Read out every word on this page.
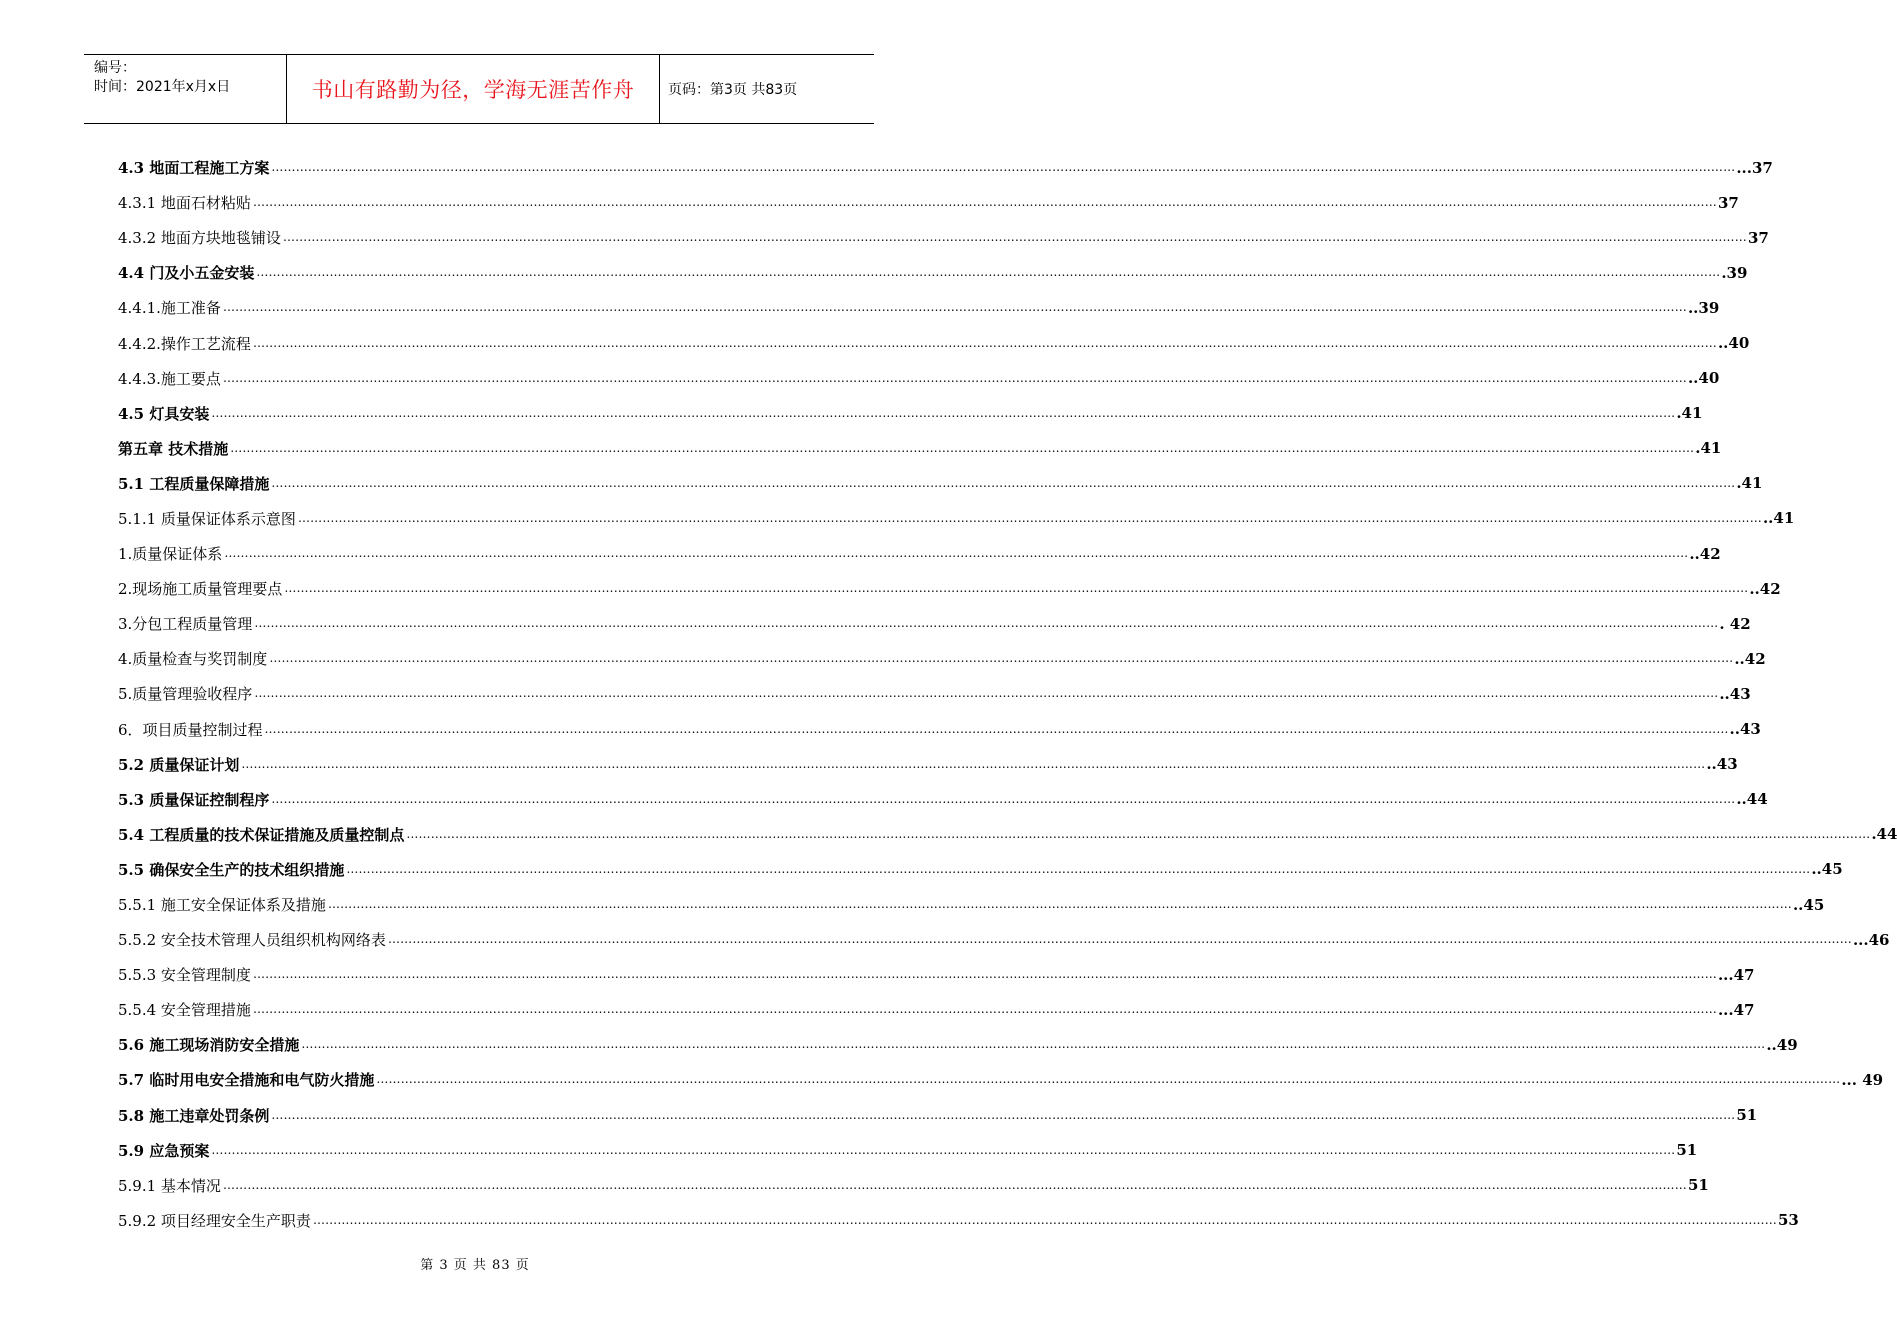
编号：
时间：2021年x月x日	书山有路勤为径，学海无涯苦作舟	页码：第3页 共83页
4.3 地面工程施工方案 ……………………………………………………………………………………………………………………………………………………………………………………………………………………………………………………………………………………………………………………………… ...37
4.3.1 地面石材粘贴 ……………………………………………………………………………………………………………………………………………………………………………………………………………………………………………………………………………………………………………………………… 37
4.3.2 地面方块地毯铺设 ……………………………………………………………………………………………………………………………………………………………………………………………………………………………………………………………………………………………………………………………… 37
4.4 门及小五金安装 ……………………………………………………………………………………………………………………………………………………………………………………………………………………………………………………………………………………………………………………………… .39
4.4.1.施工准备 ……………………………………………………………………………………………………………………………………………………………………………………………………………………………………………………………………………………………………………………………… ..39
4.4.2.操作工艺流程 ……………………………………………………………………………………………………………………………………………………………………………………………………………………………………………………………………………………………………………………………… ..40
4.4.3.施工要点 ……………………………………………………………………………………………………………………………………………………………………………………………………………………………………………………………………………………………………………………………… ..40
4.5 灯具安装 ……………………………………………………………………………………………………………………………………………………………………………………………………………………………………………………………………………………………………………………………… .41
第五章 技术措施 ……………………………………………………………………………………………………………………………………………………………………………………………………………………………………………………………………………………………………………………………… .41
5.1 工程质量保障措施 ……………………………………………………………………………………………………………………………………………………………………………………………………………………………………………………………………………………………………………………………… .41
5.1.1 质量保证体系示意图 ……………………………………………………………………………………………………………………………………………………………………………………………………………………………………………………………………………………………………………………………… ..41
1.质量保证体系 ……………………………………………………………………………………………………………………………………………………………………………………………………………………………………………………………………………………………………………………………… ..42
2.现场施工质量管理要点 ……………………………………………………………………………………………………………………………………………………………………………………………………………………………………………………………………………………………………………………………… ..42
3.分包工程质量管理 ……………………………………………………………………………………………………………………………………………………………………………………………………………………………………………………………………………………………………………………………… . 42
4.质量检查与奖罚制度 ……………………………………………………………………………………………………………………………………………………………………………………………………………………………………………………………………………………………………………………………… ..42
5.质量管理验收程序 ……………………………………………………………………………………………………………………………………………………………………………………………………………………………………………………………………………………………………………………………… ..43
6．项目质量控制过程 ……………………………………………………………………………………………………………………………………………………………………………………………………………………………………………………………………………………………………………………………… ..43
5.2 质量保证计划 ……………………………………………………………………………………………………………………………………………………………………………………………………………………………………………………………………………………………………………………………… ..43
5.3 质量保证控制程序 ……………………………………………………………………………………………………………………………………………………………………………………………………………………………………………………………………………………………………………………………… ..44
5.4 工程质量的技术保证措施及质量控制点 ……………………………………………………………………………………………………………………………………………………………………………………………………………………………………………………………………………………………………………………………… .44
5.5 确保安全生产的技术组织措施 ……………………………………………………………………………………………………………………………………………………………………………………………………………………………………………………………………………………………………………………………… ..45
5.5.1 施工安全保证体系及措施 ……………………………………………………………………………………………………………………………………………………………………………………………………………………………………………………………………………………………………………………………… ..45
5.5.2 安全技术管理人员组织机构网络表 ……………………………………………………………………………………………………………………………………………………………………………………………………………………………………………………………………………………………………………………………… ...46
5.5.3 安全管理制度 ……………………………………………………………………………………………………………………………………………………………………………………………………………………………………………………………………………………………………………………………… ...47
5.5.4 安全管理措施 ……………………………………………………………………………………………………………………………………………………………………………………………………………………………………………………………………………………………………………………………… ...47
5.6 施工现场消防安全措施 ……………………………………………………………………………………………………………………………………………………………………………………………………………………………………………………………………………………………………………………………… ..49
5.7 临时用电安全措施和电气防火措施 ……………………………………………………………………………………………………………………………………………………………………………………………………………………………………………………………………………………………………………………………… ... 49
5.8 施工违章处罚条例 ……………………………………………………………………………………………………………………………………………………………………………………………………………………………………………………………………………………………………………………………… 51
5.9 应急预案 ……………………………………………………………………………………………………………………………………………………………………………………………………………………………………………………………………………………………………………………………… 51
5.9.1 基本情况 ……………………………………………………………………………………………………………………………………………………………………………………………………………………………………………………………………………………………………………………………… 51
5.9.2 项目经理安全生产职责 ……………………………………………………………………………………………………………………………………………………………………………………………………………………………………………………………………………………………………………………………… 53
第 3 页 共 83 页
